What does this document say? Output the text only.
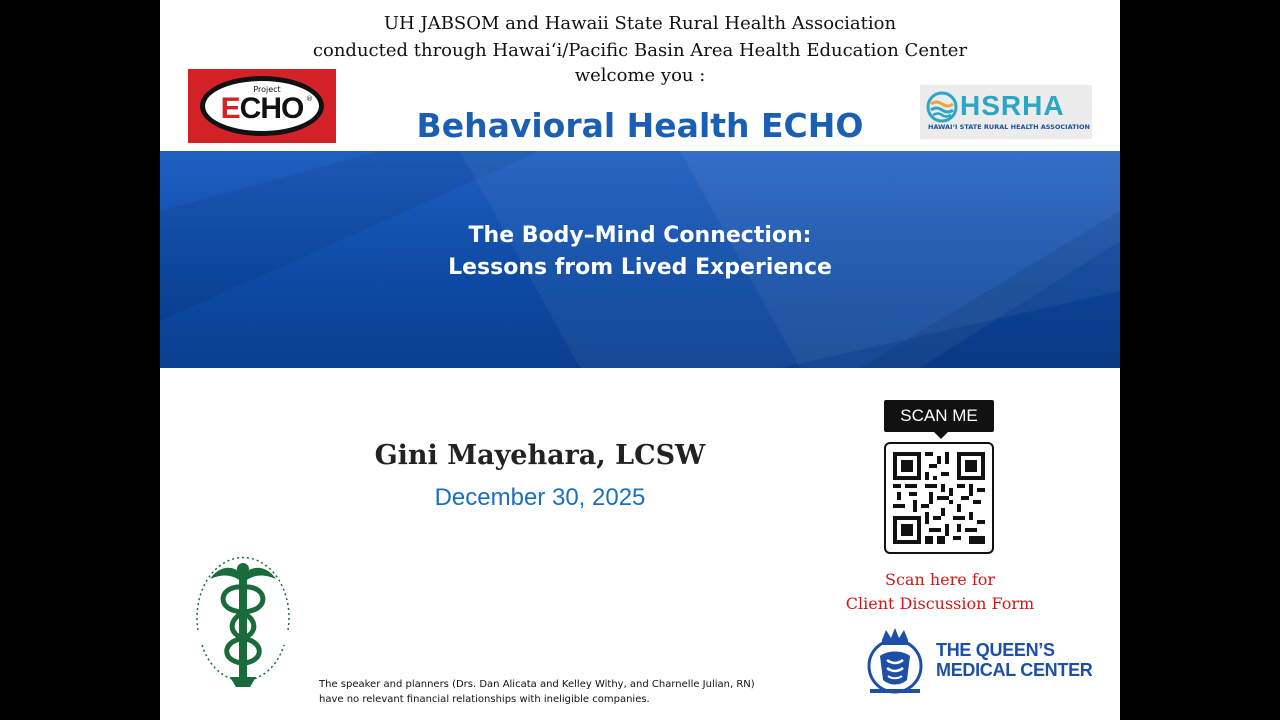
UH JABSOM and Hawaii State Rural Health Association
conducted through Hawaiʻi/Pacific Basin Area Health Education Center
welcome you :
Project
ECHO ®
Behavioral Health ECHO
HSRHA
HAWAIʻI STATE RURAL HEALTH ASSOCIATION
The Body–Mind Connection:
Lessons from Lived Experience
Gini Mayehara, LCSW
December 30, 2025
SCAN ME
Scan here for
Client Discussion Form
The speaker and planners (Drs. Dan Alicata and Kelley Withy, and Charnelle Julian, RN)
have no relevant financial relationships with ineligible companies.
THE QUEEN’S
MEDICAL CENTER
